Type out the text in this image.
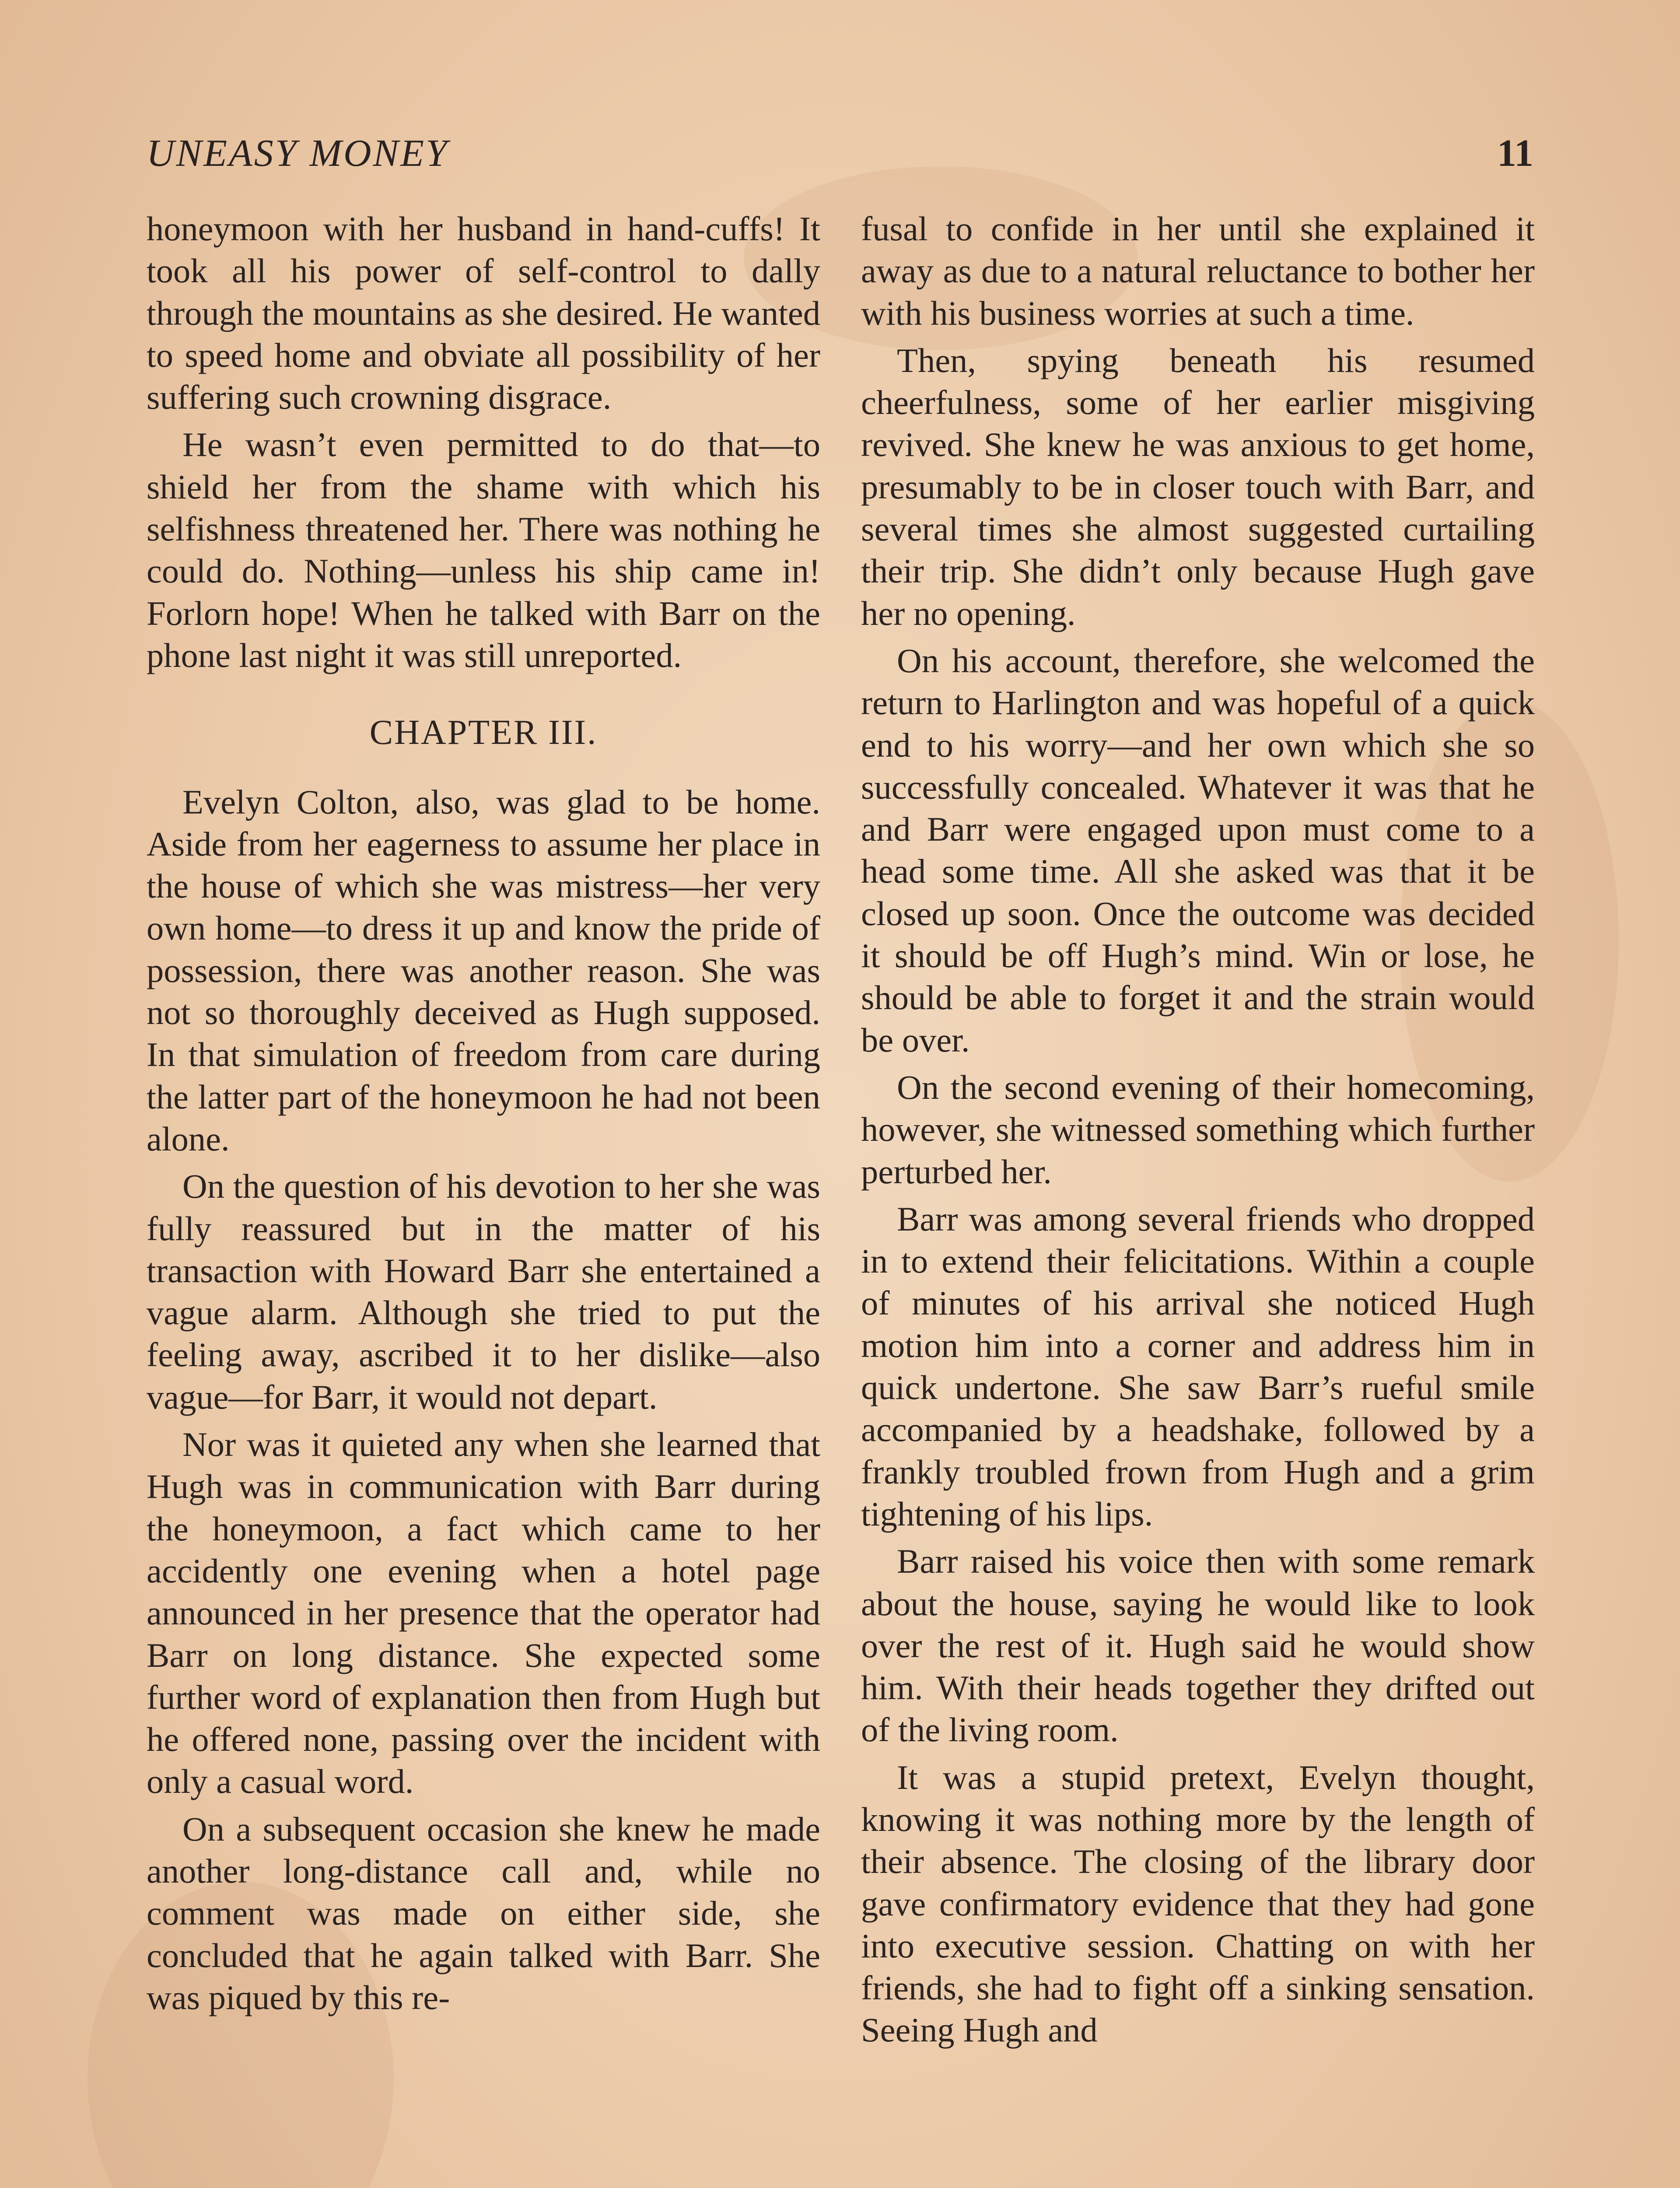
UNEASY MONEY	11

honeymoon with her husband in hand-cuffs! It took all his power of self-control to dally through the mountains as she desired. He wanted to speed home and obviate all possibility of her suffering such crowning disgrace.

He wasn’t even permitted to do that—to shield her from the shame with which his selfishness threatened her. There was nothing he could do. Nothing—unless his ship came in! Forlorn hope! When he talked with Barr on the phone last night it was still unreported.

CHAPTER III.

Evelyn Colton, also, was glad to be home. Aside from her eagerness to assume her place in the house of which she was mistress—her very own home—to dress it up and know the pride of possession, there was another reason. She was not so thoroughly deceived as Hugh supposed. In that simulation of freedom from care during the latter part of the honeymoon he had not been alone.

On the question of his devotion to her she was fully reassured but in the matter of his transaction with Howard Barr she entertained a vague alarm. Although she tried to put the feeling away, ascribed it to her dislike—also vague—for Barr, it would not depart.

Nor was it quieted any when she learned that Hugh was in communication with Barr during the honeymoon, a fact which came to her accidently one evening when a hotel page announced in her presence that the operator had Barr on long distance. She expected some further word of explanation then from Hugh but he offered none, passing over the incident with only a casual word.

On a subsequent occasion she knew he made another long-distance call and, while no comment was made on either side, she concluded that he again talked with Barr. She was piqued by this re-

fusal to confide in her until she explained it away as due to a natural reluctance to bother her with his business worries at such a time.

Then, spying beneath his resumed cheerfulness, some of her earlier misgiving revived. She knew he was anxious to get home, presumably to be in closer touch with Barr, and several times she almost suggested curtailing their trip. She didn’t only because Hugh gave her no opening.

On his account, therefore, she welcomed the return to Harlington and was hopeful of a quick end to his worry—and her own which she so successfully concealed. Whatever it was that he and Barr were engaged upon must come to a head some time. All she asked was that it be closed up soon. Once the outcome was decided it should be off Hugh’s mind. Win or lose, he should be able to forget it and the strain would be over.

On the second evening of their homecoming, however, she witnessed something which further perturbed her.

Barr was among several friends who dropped in to extend their felicitations. Within a couple of minutes of his arrival she noticed Hugh motion him into a corner and address him in quick undertone. She saw Barr’s rueful smile accompanied by a headshake, followed by a frankly troubled frown from Hugh and a grim tightening of his lips.

Barr raised his voice then with some remark about the house, saying he would like to look over the rest of it. Hugh said he would show him. With their heads together they drifted out of the living room.

It was a stupid pretext, Evelyn thought, knowing it was nothing more by the length of their absence. The closing of the library door gave confirmatory evidence that they had gone into executive session. Chatting on with her friends, she had to fight off a sinking sensation. Seeing Hugh and
